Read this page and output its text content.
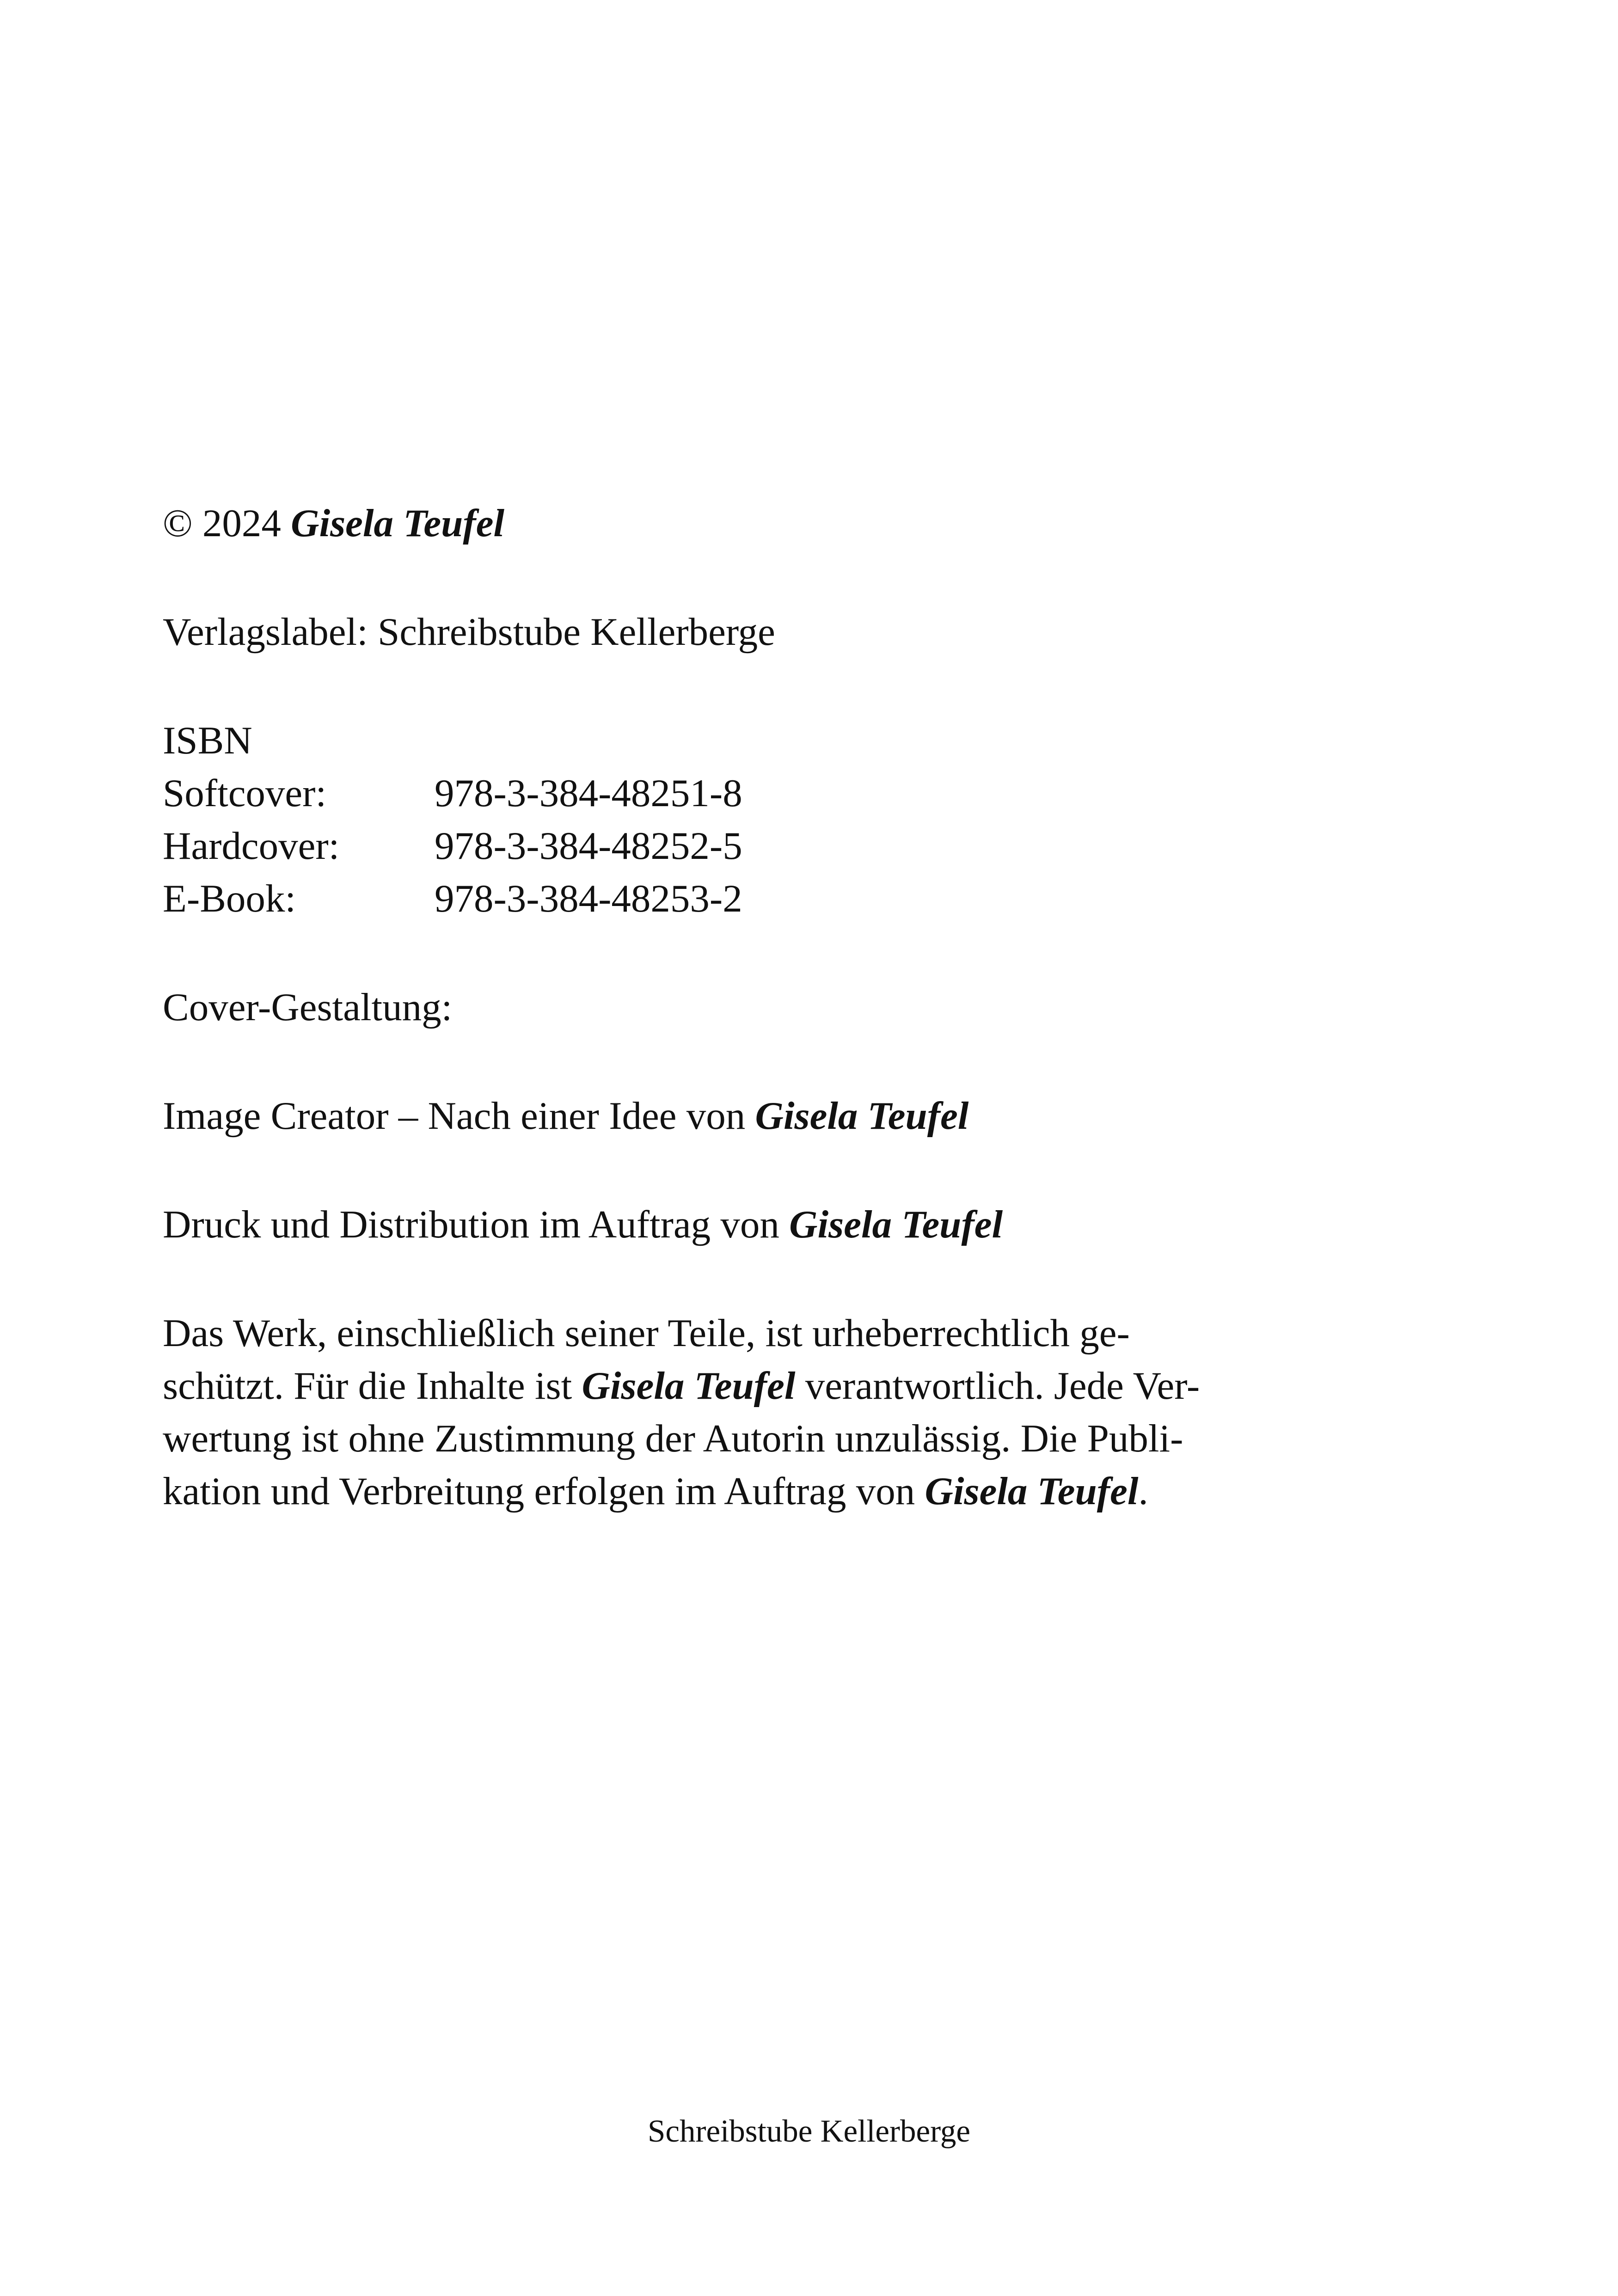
© 2024 Gisela Teufel
Verlagslabel: Schreibstube Kellerberge
ISBN
Softcover:	978-3-384-48251-8
Hardcover: 978-3-384-48252-5
E-Book:	978-3-384-48253-2
Cover-Gestaltung:
Image Creator – Nach einer Idee von Gisela Teufel
Druck und Distribution im Auftrag von Gisela Teufel
Das Werk, einschließlich seiner Teile, ist urheberrechtlich ge-
schützt. Für die Inhalte ist Gisela Teufel verantwortlich. Jede Ver-
wertung ist ohne Zustimmung der Autorin unzulässig. Die Publi-
kation und Verbreitung erfolgen im Auftrag von Gisela Teufel.
Schreibstube Kellerberge
